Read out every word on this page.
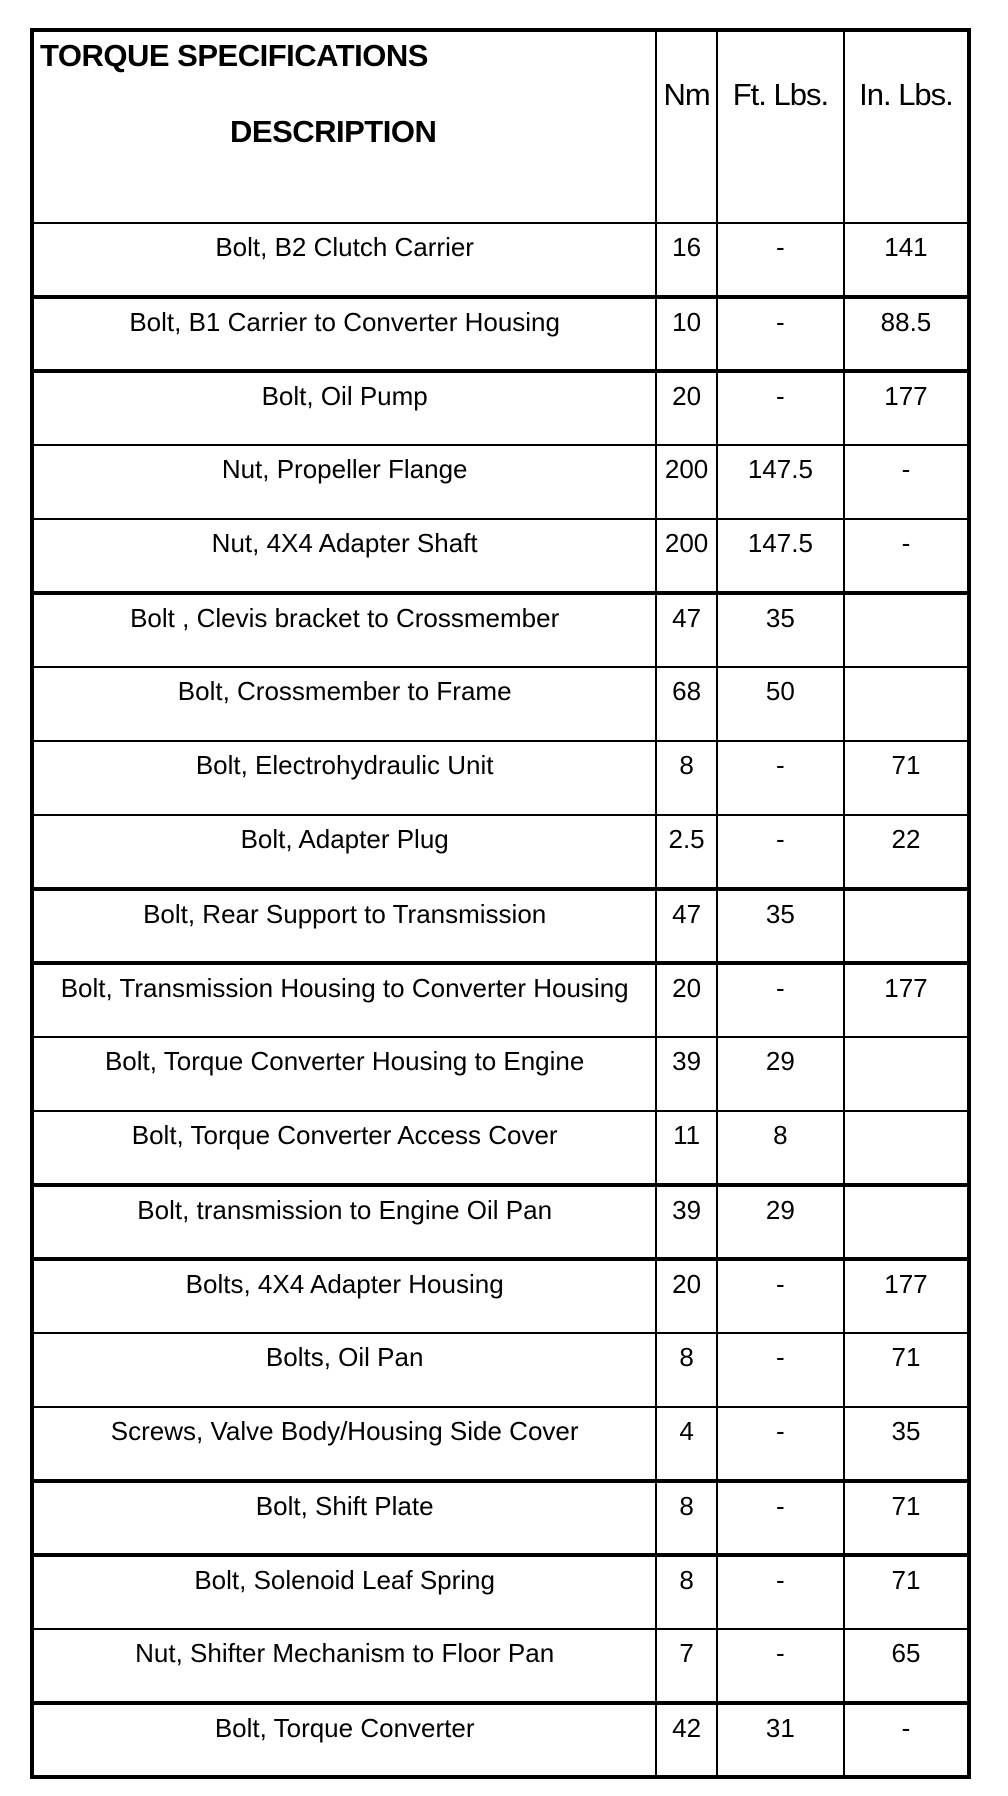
TORQUE SPECIFICATIONS
DESCRIPTION	Nm	Ft. Lbs.	In. Lbs.
Bolt, B2 Clutch Carrier	16	-	141
Bolt, B1 Carrier to Converter Housing	10	-	88.5
Bolt, Oil Pump	20	-	177
Nut, Propeller Flange	200	147.5	-
Nut, 4X4 Adapter Shaft	200	147.5	-
Bolt , Clevis bracket to Crossmember	47	35	
Bolt, Crossmember to Frame	68	50	
Bolt, Electrohydraulic Unit	8	-	71
Bolt, Adapter Plug	2.5	-	22
Bolt, Rear Support to Transmission	47	35	
Bolt, Transmission Housing to Converter Housing	20	-	177
Bolt, Torque Converter Housing to Engine	39	29	
Bolt, Torque Converter Access Cover	11	8	
Bolt, transmission to Engine Oil Pan	39	29	
Bolts, 4X4 Adapter Housing	20	-	177
Bolts, Oil Pan	8	-	71
Screws, Valve Body/Housing Side Cover	4	-	35
Bolt, Shift Plate	8	-	71
Bolt, Solenoid Leaf Spring	8	-	71
Nut, Shifter Mechanism to Floor Pan	7	-	65
Bolt, Torque Converter	42	31	-
